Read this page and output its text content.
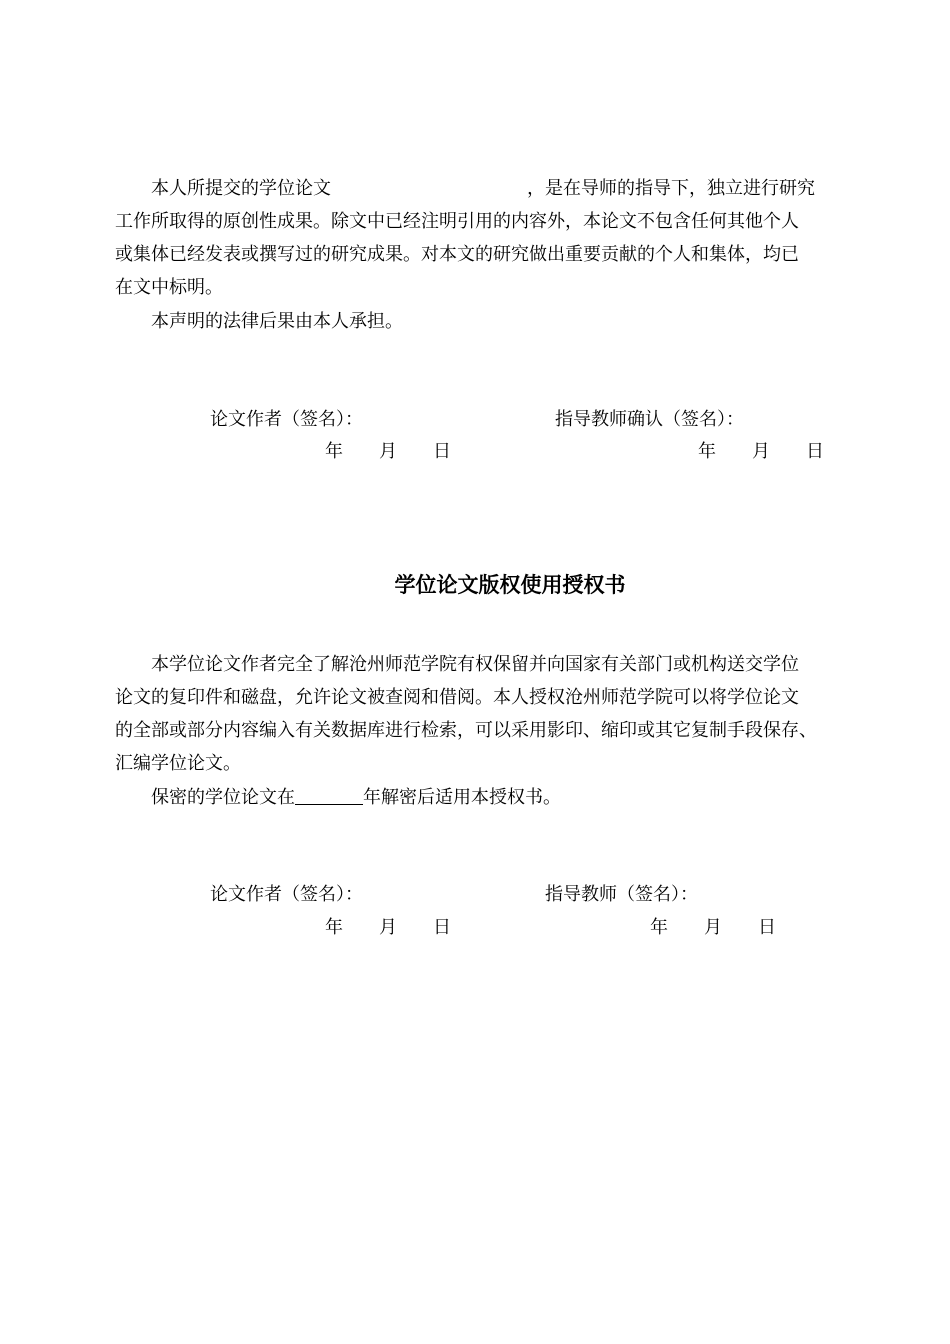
本人所提交的学位论文	，是在导师的指导下，独立进行研究
工作所取得的原创性成果。除文中已经注明引用的内容外，本论文不包含任何其他个人
或集体已经发表或撰写过的研究成果。对本文的研究做出重要贡献的个人和集体，均已
在文中标明。
本声明的法律后果由本人承担。
论文作者（签名）：	指导教师确认（签名）：
年　　月　　日	年　　月　　日
学位论文版权使用授权书
本学位论文作者完全了解沧州师范学院有权保留并向国家有关部门或机构送交学位
论文的复印件和磁盘，允许论文被查阅和借阅。本人授权沧州师范学院可以将学位论文
的全部或部分内容编入有关数据库进行检索，可以采用影印、缩印或其它复制手段保存、
汇编学位论文。
保密的学位论文在	年解密后适用本授权书。
论文作者（签名）：	指导教师（签名）：
年　　月　　日	年　　月　　日
